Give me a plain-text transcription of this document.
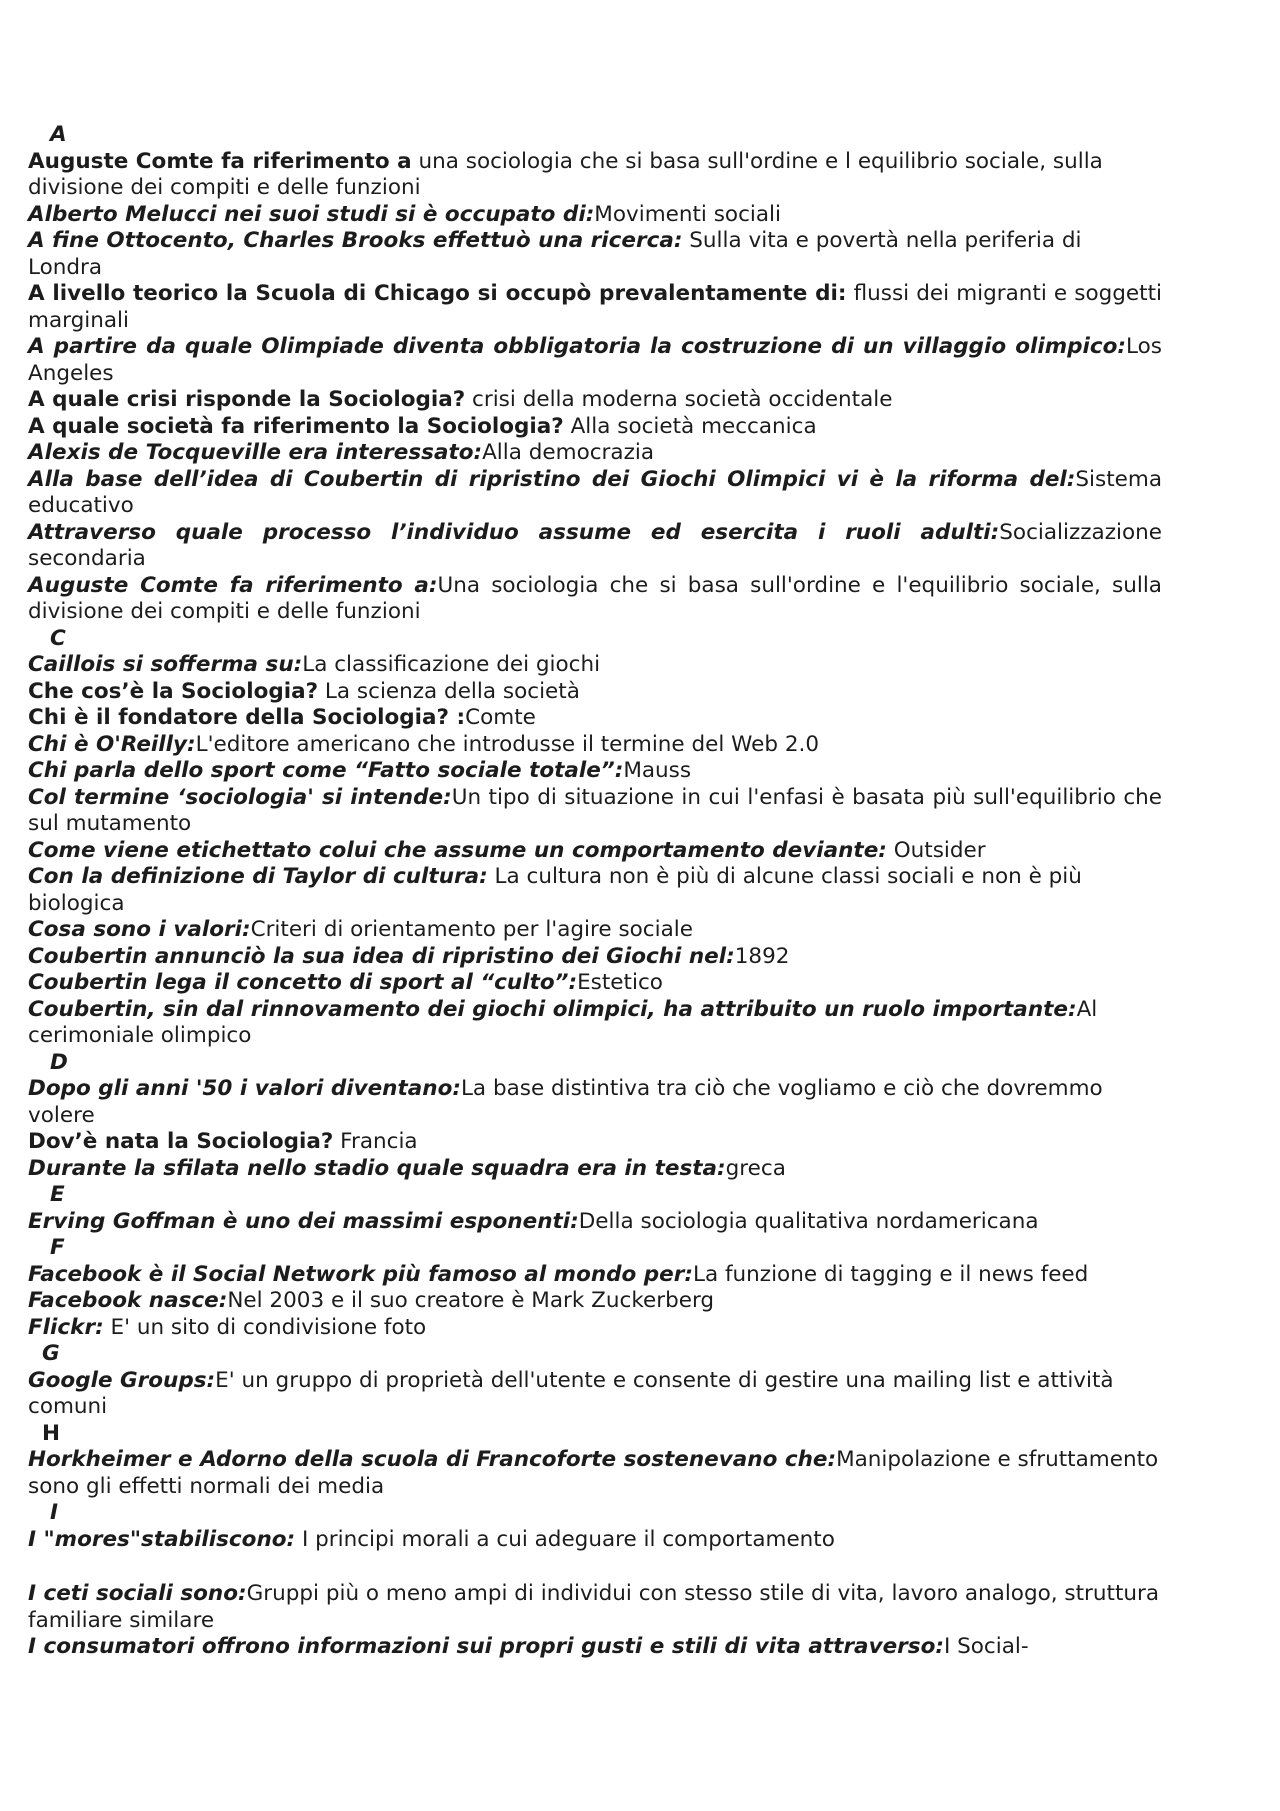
A

Auguste Comte fa riferimento a una sociologia che si basa sull'ordine e l equilibrio sociale, sulla divisione dei compiti e delle funzioni

Alberto Melucci nei suoi studi si è occupato di:Movimenti sociali

A fine Ottocento, Charles Brooks effettuò una ricerca: Sulla vita e povertà nella periferia di Londra

A livello teorico la Scuola di Chicago si occupò prevalentamente di: flussi dei migranti e soggetti marginali

A partire da quale Olimpiade diventa obbligatoria la costruzione di un villaggio olimpico:Los Angeles

A quale crisi risponde la Sociologia? crisi della moderna società occidentale

A quale società fa riferimento la Sociologia? Alla società meccanica

Alexis de Tocqueville era interessato:Alla democrazia

Alla base dell’idea di Coubertin di ripristino dei Giochi Olimpici vi è la riforma del:Sistema educativo

Attraverso quale processo l’individuo assume ed esercita i ruoli adulti:Socializzazione secondaria

Auguste Comte fa riferimento a:Una sociologia che si basa sull'ordine e l'equilibrio sociale, sulla divisione dei compiti e delle funzioni

C

Caillois si sofferma su:La classificazione dei giochi

Che cos’è la Sociologia? La scienza della società

Chi è il fondatore della Sociologia? :Comte

Chi è O'Reilly:L'editore americano che introdusse il termine del Web 2.0

Chi parla dello sport come “Fatto sociale totale”:Mauss

Col termine ‘sociologia' si intende:Un tipo di situazione in cui l'enfasi è basata più sull'equilibrio che sul mutamento

Come viene etichettato colui che assume un comportamento deviante: Outsider

Con la definizione di Taylor di cultura: La cultura non è più di alcune classi sociali e non è più biologica

Cosa sono i valori:Criteri di orientamento per l'agire sociale

Coubertin annunciò la sua idea di ripristino dei Giochi nel:1892

Coubertin lega il concetto di sport al “culto”:Estetico

Coubertin, sin dal rinnovamento dei giochi olimpici, ha attribuito un ruolo importante:Al cerimoniale olimpico

D

Dopo gli anni '50 i valori diventano:La base distintiva tra ciò che vogliamo e ciò che dovremmo volere

Dov’è nata la Sociologia? Francia

Durante la sfilata nello stadio quale squadra era in testa:greca

E

Erving Goffman è uno dei massimi esponenti:Della sociologia qualitativa nordamericana

F

Facebook è il Social Network più famoso al mondo per:La funzione di tagging e il news feed

Facebook nasce:Nel 2003 e il suo creatore è Mark Zuckerberg

Flickr: E' un sito di condivisione foto

G

Google Groups:E' un gruppo di proprietà dell'utente e consente di gestire una mailing list e attività comuni

H

Horkheimer e Adorno della scuola di Francoforte sostenevano che:Manipolazione e sfruttamento sono gli effetti normali dei media

I

I "mores"stabiliscono: I principi morali a cui adeguare il comportamento

I ceti sociali sono:Gruppi più o meno ampi di individui con stesso stile di vita, lavoro analogo, struttura familiare similare

I consumatori offrono informazioni sui propri gusti e stili di vita attraverso:I Social-
